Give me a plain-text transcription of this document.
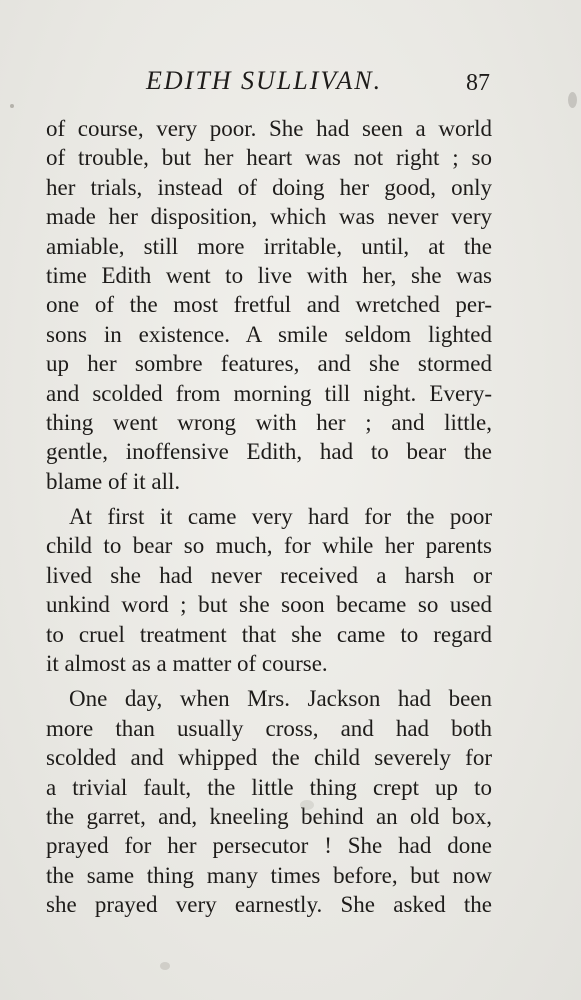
EDITH SULLIVAN.	87
of course, very poor. She had seen a world
of trouble, but her heart was not right ; so
her trials, instead of doing her good, only
made her disposition, which was never very
amiable, still more irritable, until, at the
time Edith went to live with her, she was
one of the most fretful and wretched per-
sons in existence. A smile seldom lighted
up her sombre features, and she stormed
and scolded from morning till night. Every-
thing went wrong with her ; and little,
gentle, inoffensive Edith, had to bear the
blame of it all.
At first it came very hard for the poor
child to bear so much, for while her parents
lived she had never received a harsh or
unkind word ; but she soon became so used
to cruel treatment that she came to regard
it almost as a matter of course.
One day, when Mrs. Jackson had been
more than usually cross, and had both
scolded and whipped the child severely for
a trivial fault, the little thing crept up to
the garret, and, kneeling behind an old box,
prayed for her persecutor ! She had done
the same thing many times before, but now
she prayed very earnestly. She asked the
